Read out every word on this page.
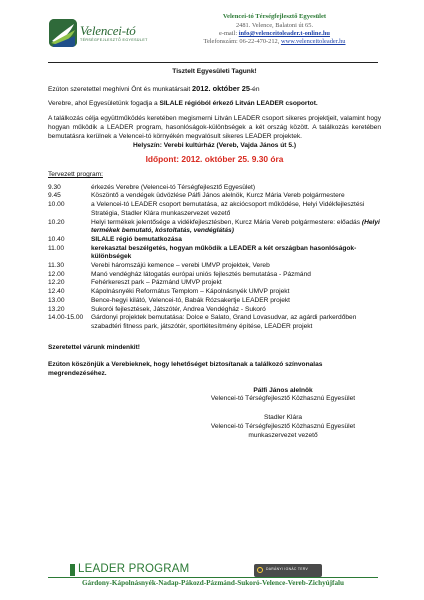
Velencei-tó
TÉRSÉGFEJLESZTŐ EGYESÜLET
Velencei-tó Térségfejlesztő Egyesület
2481. Velence, Balatoni út 65.
e-mail: info@velenceitoleader.t-online.hu
Telefonszám: 06-22-470-212, www.velenceitoleader.hu

Tisztelt Egyesületi Tagunk!

Ezúton szeretettel meghívni Önt és munkatársait 2012. október 25-én

Verebre, ahol Egyesületünk fogadja a SILALE régióból érkező Litván LEADER csoportot.

A találkozás célja együttműködés keretében megismerni Litván LEADER csoport sikeres projektjeit, valamint hogy hogyan működik a LEADER program, hasonlóságok-különbségek a két ország között. A találkozás keretében bemutatásra kerülnek a Velencei-tó környékén megvalósult sikeres LEADER projektek.

Helyszín: Verebi kultúrház (Vereb, Vajda János út 5.)

Időpont: 2012. október 25. 9.30 óra

Tervezett program:

9.30	érkezés Verebre (Velencei-tó Térségfejlesztő Egyesület)
9.45	Köszöntő a vendégek üdvözlése Pálfi János alelnök, Kurcz Mária Vereb polgármestere
10.00	a Velencei-tó LEADER csoport bemutatása, az akciócsoport működése, Helyi Vidékfejlesztési Stratégia, Stadler Klára munkaszervezet vezető
10.20	Helyi termékek jelentősége a vidékfejlesztésben, Kurcz Mária Vereb polgármestere: előadás (Helyi termékek bemutató, kóstoltatás, vendéglátás)
10.40	SILALE régió bemutatkozása
11.00	kerekasztal beszélgetés, hogyan működik a LEADER a két országban hasonlóságok-különbségek
11.30	Verebi háromszájú kemence – verebi UMVP projektek, Vereb
12.00	Manó vendégház látogatás európai uniós fejlesztés bemutatása - Pázmánd
12.20	Fehérkereszt park – Pázmánd UMVP projekt
12.40	Kápolnásnyéki Református Templom – Kápolnásnyék UMVP projekt
13.00	Bence-hegyi kilátó, Velencei-tó, Babák Rózsakertje LEADER projekt
13.20	Sukorói fejlesztések, Játszótér, Andrea Vendégház - Sukoró
14.00-15.00	Gárdonyi projektek bemutatása: Dolce e Salato, Grand Lovasudvar, az agárdi parkerdőben szabadtéri fitness park, játszótér, sportlétesítmény építése, LEADER projekt

Szeretettel várunk mindenkit!

Ezúton köszönjük a Verebieknek, hogy lehetőséget biztosítanak a találkozó színvonalas megrendezéséhez.

Pálfi János alelnök
Velencei-tó Térségfejlesztő Közhasznú Egyesület
Stadler Klára
Velencei-tó Térségfejlesztő Közhasznú Egyesület
munkaszervezet vezető
LEADER PROGRAM	DARÁNYI IGNÁC TERV
Gárdony-Kápolnásnyék-Nadap-Pákozd-Pázmánd-Sukoró-Velence-Vereb-Zichyújfalu
